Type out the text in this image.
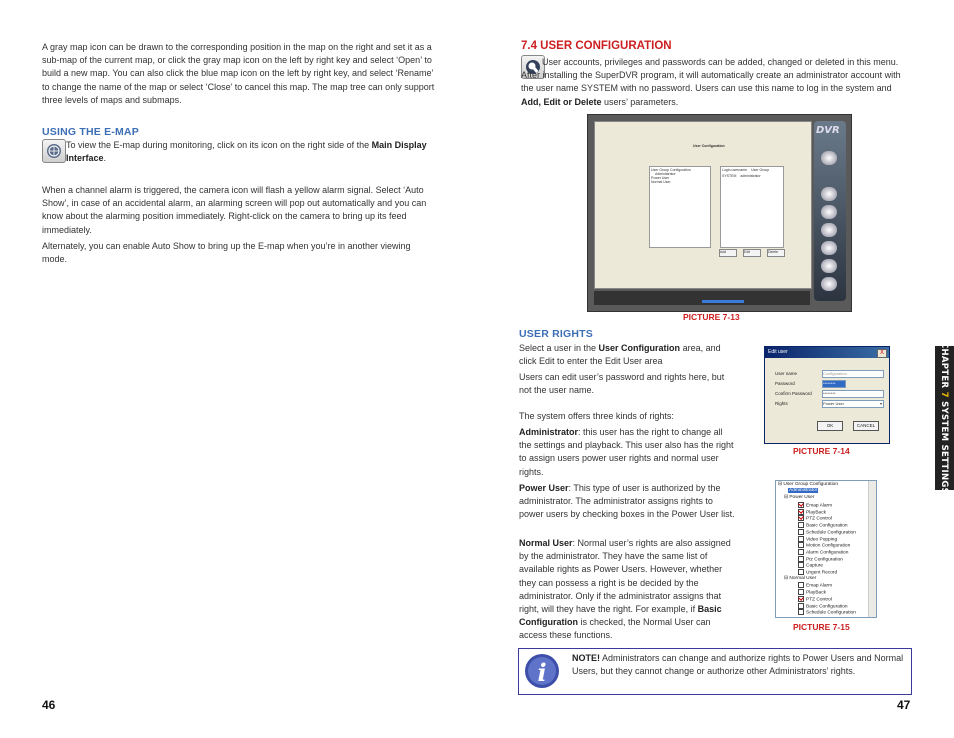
A gray map icon can be drawn to the corresponding position in the map on the right and set it as a sub-map of the current map, or click the gray map icon on the left by right key and select ‘Open’ to build a new map. You can also click the blue map icon on the left by right key, and select ‘Rename’ to change the name of the map or select ‘Close’ to cancel this map. The map tree can only support three levels of maps and submaps.
USING THE E-MAP
To view the E-map during monitoring, click on its icon on the right side of the Main Display Interface.
When a channel alarm is triggered, the camera icon will flash a yellow alarm signal. Select ‘Auto Show’, in case of an accidental alarm, an alarming screen will pop out automatically and you can know about the alarming position immediately. Right-click on the camera to bring up its feed immediately.
Alternately, you can enable Auto Show to bring up the E-map when you’re in another viewing mode.
46
7.4 USER CONFIGURATION
User accounts, privileges and passwords can be added, changed or deleted in this menu. After installing the SuperDVR program, it will automatically create an administrator account with the user name SYSTEM with no password. Users can use this name to log in the system and Add, Edit or Delete users’ parameters.
User Configuration
User Group Configuration
Administrator
Power User
Normal User
Login username User Group
SYSTEM administrator
Add	Edit	Delete
DVR
PICTURE 7-13
USER RIGHTS
Select a user in the User Configuration area, and click Edit to enter the Edit User area
Users can edit user’s password and rights here, but not the user name.
The system offers three kinds of rights:
Administrator: this user has the right to change all the settings and playback. This user also has the right to assign users power user rights and normal user rights.
Power User: This type of user is authorized by the administrator. The administrator assigns rights to power users by checking boxes in the Power User list.
Normal User: Normal user’s rights are also assigned by the administrator. They have the same list of available rights as Power Users. However, whether they can possess a right is be decided by the administrator. Only if the administrator assigns that right, will they have the right. For example, if Basic Configuration is checked, the Normal User can access these functions.
Edit user	X
User name	Configuration
Password	********
Confirm Password	********
Rights	Power User	▾
OK	CANCEL
PICTURE 7-14
⊟ User Group Configuration
Administrator
⊟ Power User
Emap Alarm
PlayBack
PTZ Control
Basic Configuration
Schedule Configuration
Video Popping
Motion Configuration
Alarm Configuration
Ptz Configuration
Capture
Urgent Record
⊟ Normal User
Emap Alarm
PlayBack
PTZ Control
Basic Configuration
Schedule Configuration
PICTURE 7-15
i	NOTE! Administrators can change and authorize rights to Power Users and Normal Users, but they cannot change or authorize other Administrators’ rights.
47
CHAPTER 7 SYSTEM SETTINGS
